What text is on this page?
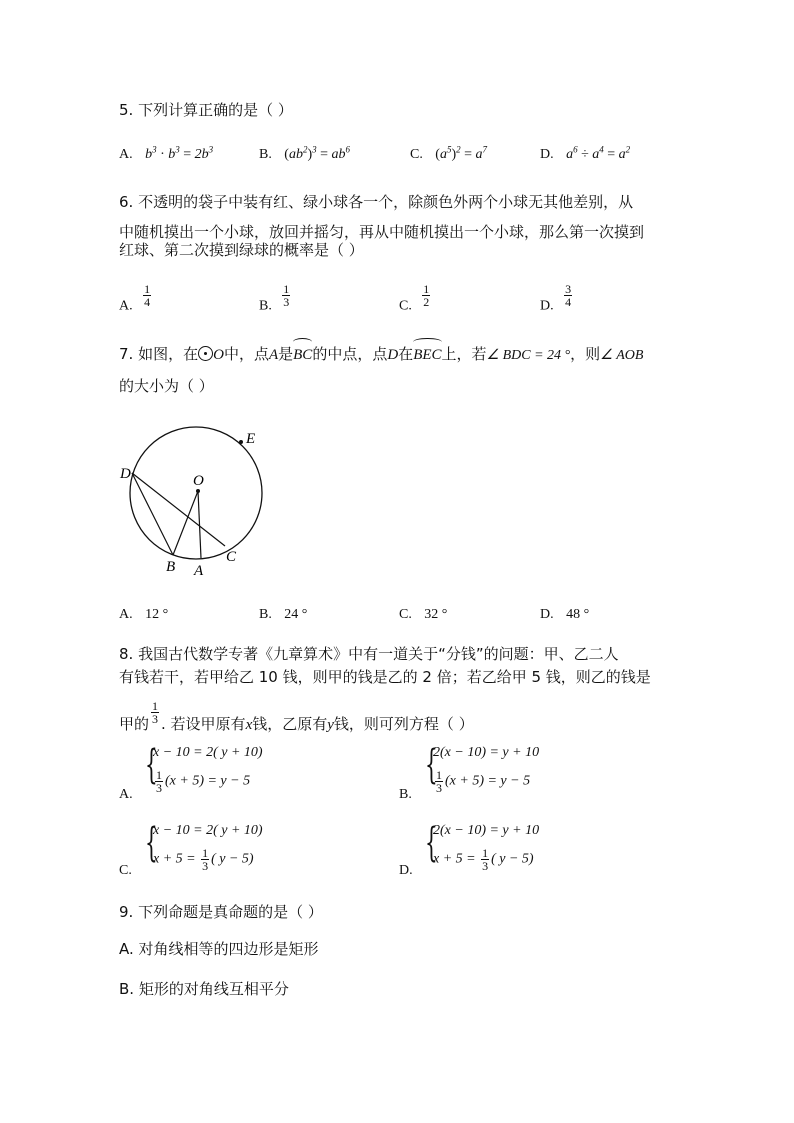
5. 下列计算正确的是（ ）
A. $b^3 \cdot b^3 = 2b^3$	B. $(ab^2)^3 = ab^6$	C. $(a^5)^2 = a^7$	D. $a^6 \div a^4 = a^2$
6. 不透明的袋子中装有红、绿小球各一个，除颜色外两个小球无其他差别，从
中随机摸出一个小球，放回并摇匀，再从中随机摸出一个小球，那么第一次摸到
红球、第二次摸到绿球的概率是（ ）
A. $\frac{1}{4}$	B. $\frac{1}{3}$	C. $\frac{1}{2}$	D. $\frac{3}{4}$
7. 如图，在 O中，点A是BC的中点，点D在BEC上，若∠ BDC = 24 °，则∠ AOB
的大小为（ ）
D
E
O
B A
C
A. 12 °	B. 24 °	C. 32 °	D. 48 °
8. 我国古代数学专著《九章算术》中有一道关于“分钱”的问题：甲、乙二人
有钱若干，若甲给乙 10 钱，则甲的钱是乙的 2 倍；若乙给甲 5 钱，则乙的钱是
甲的 $\frac{1}{3}$ . 若设甲原有x钱，乙原有y钱，则可列方程（ ）
A.
{
x − 10 = 2( y + 10)
$\frac{1}{3} (x + 5) = y - 5$
B.
{
2(x − 10) = y + 10
$\frac{1}{3} (x + 5) = y - 5$
C.
{
x − 10 = 2( y + 10)
$x + 5 = \frac{1}{3}$ ( y − 5)
D.
{
2(x − 10) = y + 10
$x + 5 = \frac{1}{3}$ ( y − 5)
9. 下列命题是真命题的是（ ）
A. 对角线相等的四边形是矩形
B. 矩形的对角线互相平分
